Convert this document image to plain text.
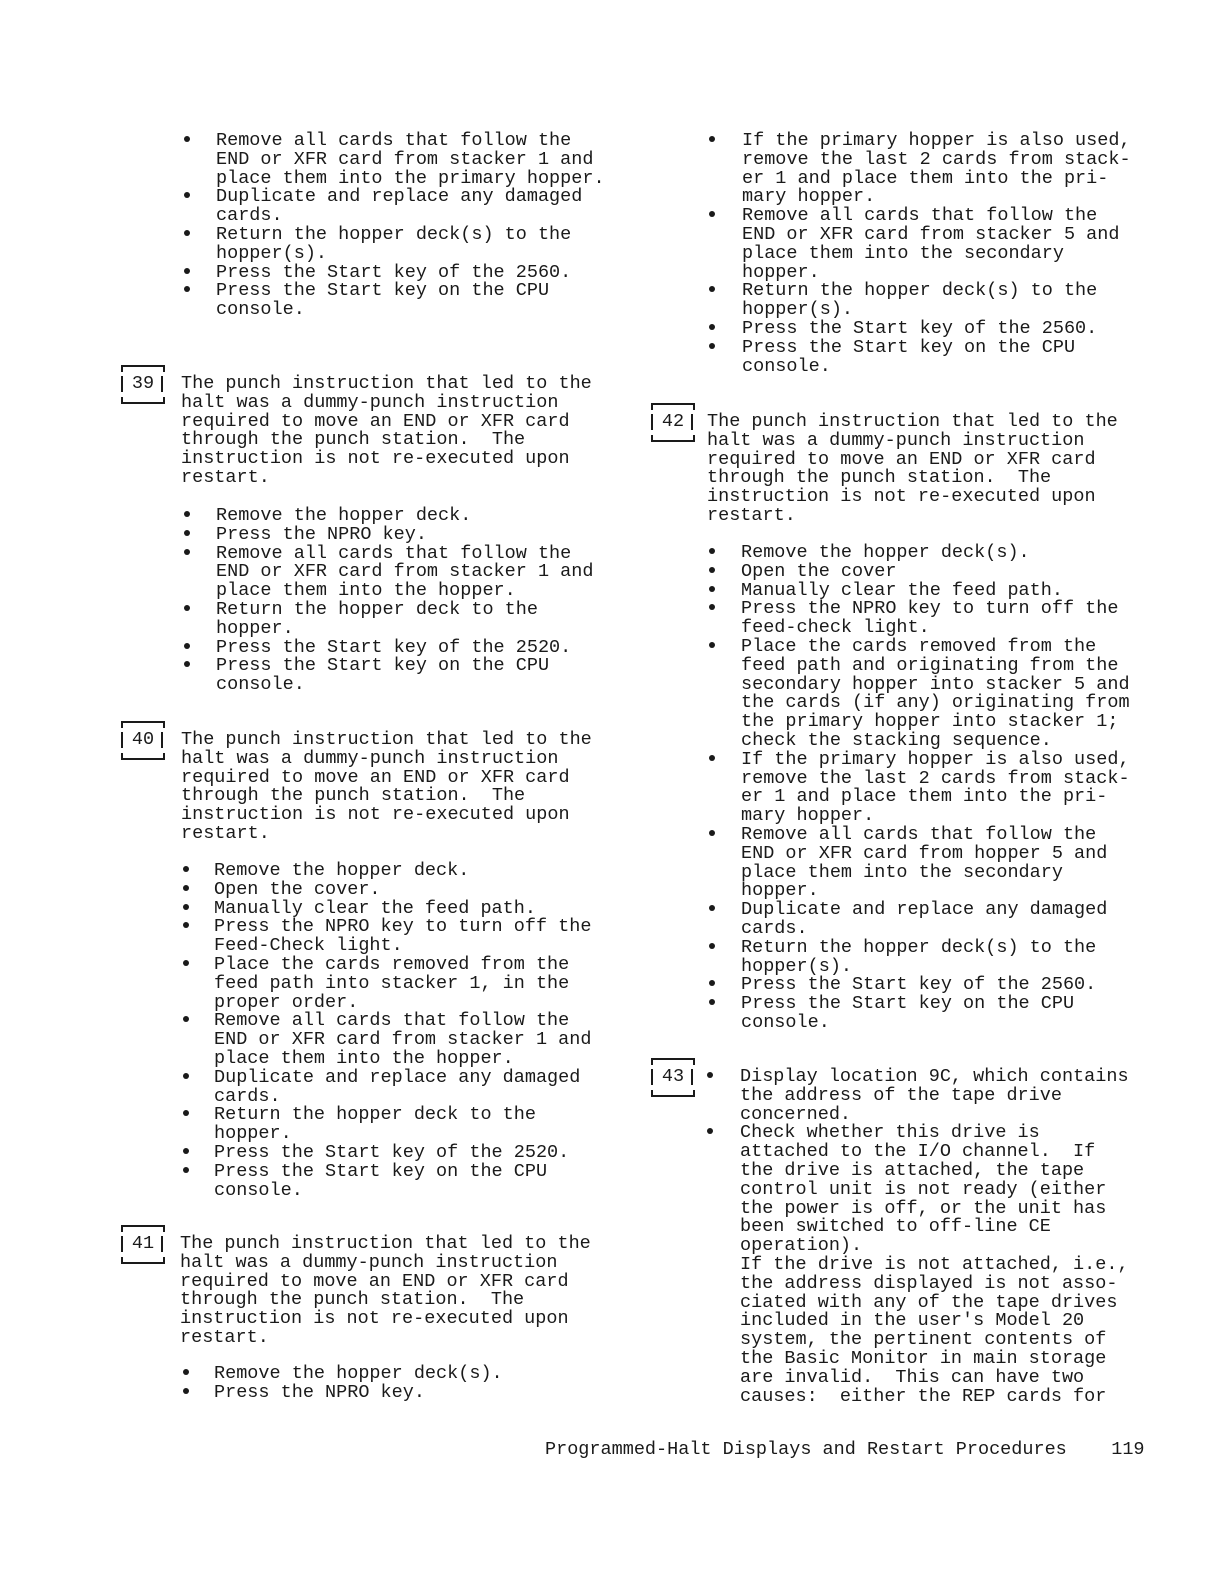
Remove all cards that follow the
END or XFR card from stacker 1 and
place them into the primary hopper.
Duplicate and replace any damaged
cards.
Return the hopper deck(s) to the
hopper(s).
Press the Start key of the 2560.
Press the Start key on the CPU
console.
39	The punch instruction that led to the
halt was a dummy-punch instruction
required to move an END or XFR card
through the punch station.  The
instruction is not re-executed upon
restart.
Remove the hopper deck.
Press the NPRO key.
Remove all cards that follow the
END or XFR card from stacker 1 and
place them into the hopper.
Return the hopper deck to the
hopper.
Press the Start key of the 2520.
Press the Start key on the CPU
console.
40	The punch instruction that led to the
halt was a dummy-punch instruction
required to move an END or XFR card
through the punch station.  The
instruction is not re-executed upon
restart.
Remove the hopper deck.
Open the cover.
Manually clear the feed path.
Press the NPRO key to turn off the
Feed-Check light.
Place the cards removed from the
feed path into stacker 1, in the
proper order.
Remove all cards that follow the
END or XFR card from stacker 1 and
place them into the hopper.
Duplicate and replace any damaged
cards.
Return the hopper deck to the
hopper.
Press the Start key of the 2520.
Press the Start key on the CPU
console.
41	The punch instruction that led to the
halt was a dummy-punch instruction
required to move an END or XFR card
through the punch station.  The
instruction is not re-executed upon
restart.
Remove the hopper deck(s).
Press the NPRO key.
If the primary hopper is also used,
remove the last 2 cards from stack-
er 1 and place them into the pri-
mary hopper.
Remove all cards that follow the
END or XFR card from stacker 5 and
place them into the secondary
hopper.
Return the hopper deck(s) to the
hopper(s).
Press the Start key of the 2560.
Press the Start key on the CPU
console.
42	The punch instruction that led to the
halt was a dummy-punch instruction
required to move an END or XFR card
through the punch station.  The
instruction is not re-executed upon
restart.
Remove the hopper deck(s).
Open the cover
Manually clear the feed path.
Press the NPRO key to turn off the
feed-check light.
Place the cards removed from the
feed path and originating from the
secondary hopper into stacker 5 and
the cards (if any) originating from
the primary hopper into stacker 1;
check the stacking sequence.
If the primary hopper is also used,
remove the last 2 cards from stack-
er 1 and place them into the pri-
mary hopper.
Remove all cards that follow the
END or XFR card from hopper 5 and
place them into the secondary
hopper.
Duplicate and replace any damaged
cards.
Return the hopper deck(s) to the
hopper(s).
Press the Start key of the 2560.
Press the Start key on the CPU
console.
43	Display location 9C, which contains
the address of the tape drive
concerned.
Check whether this drive is
attached to the I/O channel.  If
the drive is attached, the tape
control unit is not ready (either
the power is off, or the unit has
been switched to off-line CE
operation).
If the drive is not attached, i.e.,
the address displayed is not asso-
ciated with any of the tape drives
included in the user's Model 20
system, the pertinent contents of
the Basic Monitor in main storage
are invalid.  This can have two
causes:  either the REP cards for
Programmed-Halt Displays and Restart Procedures 119
